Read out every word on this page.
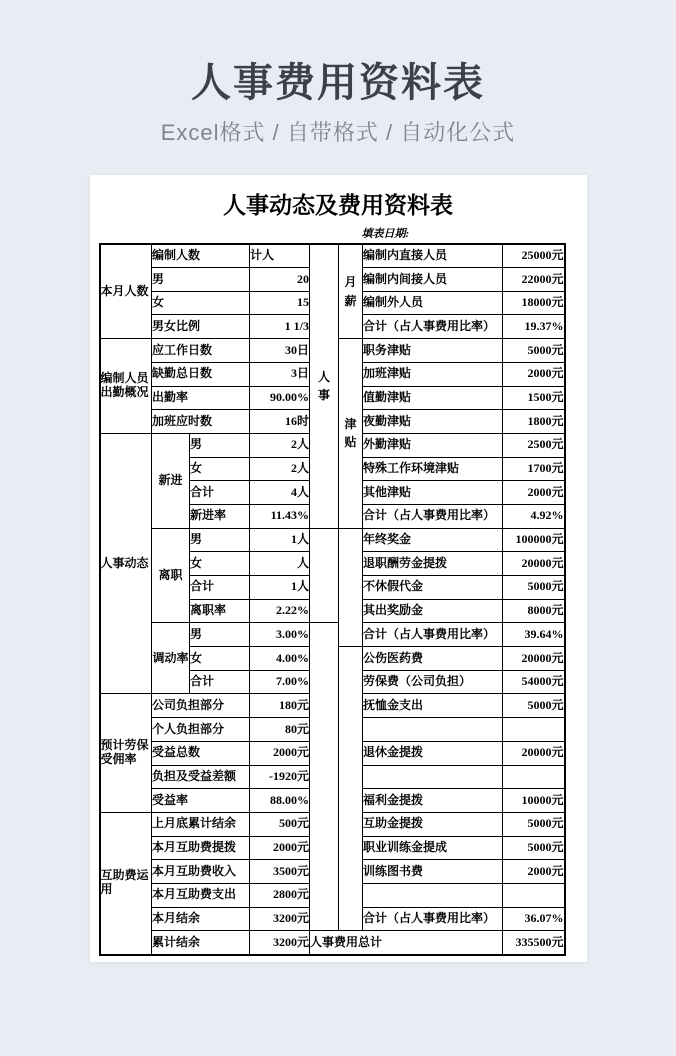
人事费用资料表
Excel格式 / 自带格式 / 自动化公式
人事动态及费用资料表
填表日期:
本月人数	编制人数		计人	人事	月薪	编制内直接人员	25000元
	男		20			编制内间接人员	22000元
	女		15			编制外人员	18000元
	男女比例		1 1/3			合计（占人事费用比率）	19.37%
编制人员出勤概况	应工作日数		30日		津贴	职务津贴	5000元
	缺勤总日数		3日			加班津贴	2000元
	出勤率		90.00%			值勤津贴	1500元
	加班应时数		16时			夜勤津贴	1800元
人事动态	新进	男	2人			外勤津贴	2500元
		女	2人			特殊工作环境津贴	1700元
		合计	4人			其他津贴	2000元
		新进率	11.43%			合计（占人事费用比率）	4.92%
	离职	男	1人			年终奖金	100000元
		女	人			退职酬劳金提拨	20000元
		合计	1人			不休假代金	5000元
		离职率	2.22%			其出奖励金	8000元
	调动率	男	3.00%			合计（占人事费用比率）	39.64%
		女	4.00%			公伤医药费	20000元
		合计	7.00%			劳保费（公司负担）	54000元
预计劳保受佣率	公司负担部分		180元			抚恤金支出	5000元
	个人负担部分		80元				
	受益总数		2000元			退休金提拨	20000元
	负担及受益差额		-1920元				
	受益率		88.00%			福利金提拨	10000元
互助费运用	上月底累计结余		500元			互助金提拨	5000元
	本月互助费提拨		2000元			职业训练金提成	5000元
	本月互助费收入		3500元			训练图书费	2000元
	本月互助费支出		2800元				
	本月结余		3200元			合计（占人事费用比率）	36.07%
	累计结余		3200元	人事费用总计			335500元
